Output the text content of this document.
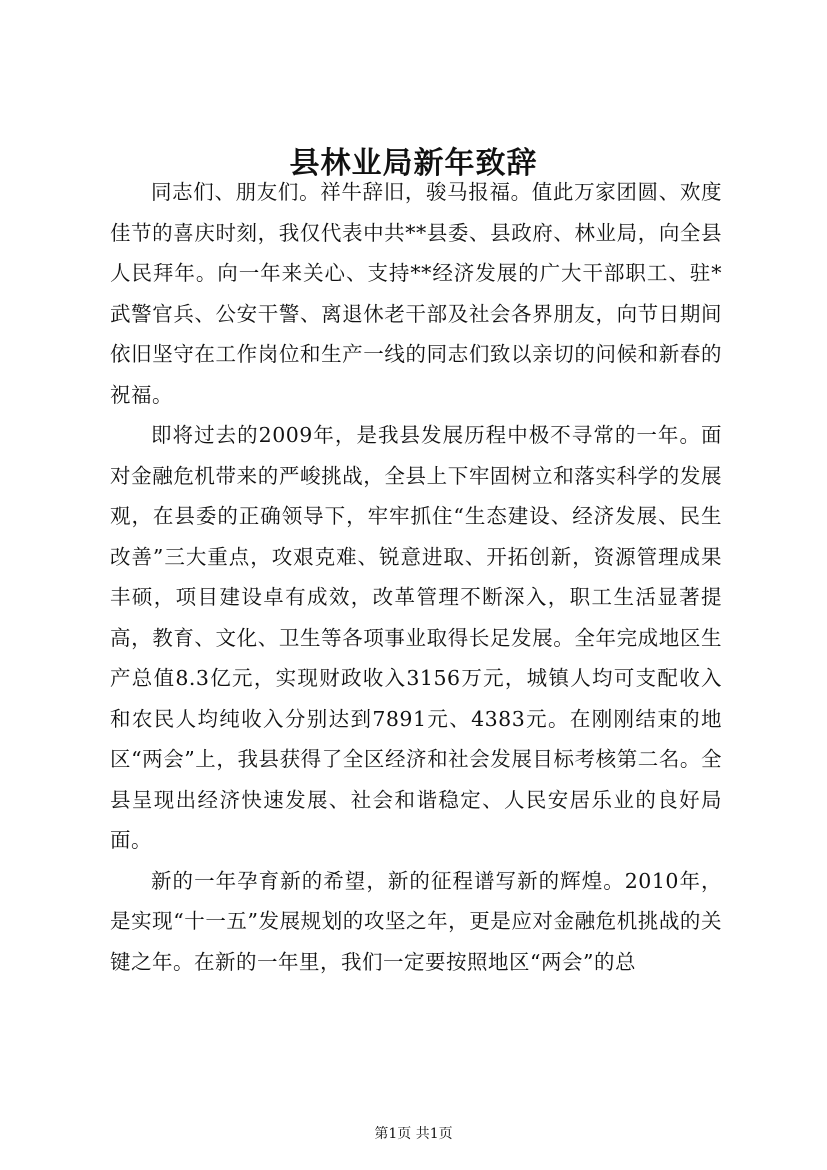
县林业局新年致辞

同志们、朋友们。祥牛辞旧，骏马报福。值此万家团圆、欢度佳节的喜庆时刻，我仅代表中共**县委、县政府、林业局，向全县人民拜年。向一年来关心、支持**经济发展的广大干部职工、驻*武警官兵、公安干警、离退休老干部及社会各界朋友，向节日期间依旧坚守在工作岗位和生产一线的同志们致以亲切的问候和新春的祝福。

即将过去的2009年，是我县发展历程中极不寻常的一年。面对金融危机带来的严峻挑战，全县上下牢固树立和落实科学的发展观，在县委的正确领导下，牢牢抓住“生态建设、经济发展、民生改善”三大重点，攻艰克难、锐意进取、开拓创新，资源管理成果丰硕，项目建设卓有成效，改革管理不断深入，职工生活显著提高，教育、文化、卫生等各项事业取得长足发展。全年完成地区生产总值8.3亿元，实现财政收入3156万元，城镇人均可支配收入和农民人均纯收入分别达到7891元、4383元。在刚刚结束的地区“两会”上，我县获得了全区经济和社会发展目标考核第二名。全县呈现出经济快速发展、社会和谐稳定、人民安居乐业的良好局面。

新的一年孕育新的希望，新的征程谱写新的辉煌。2010年，是实现“十一五”发展规划的攻坚之年，更是应对金融危机挑战的关键之年。在新的一年里，我们一定要按照地区“两会”的总

第1页 共1页
